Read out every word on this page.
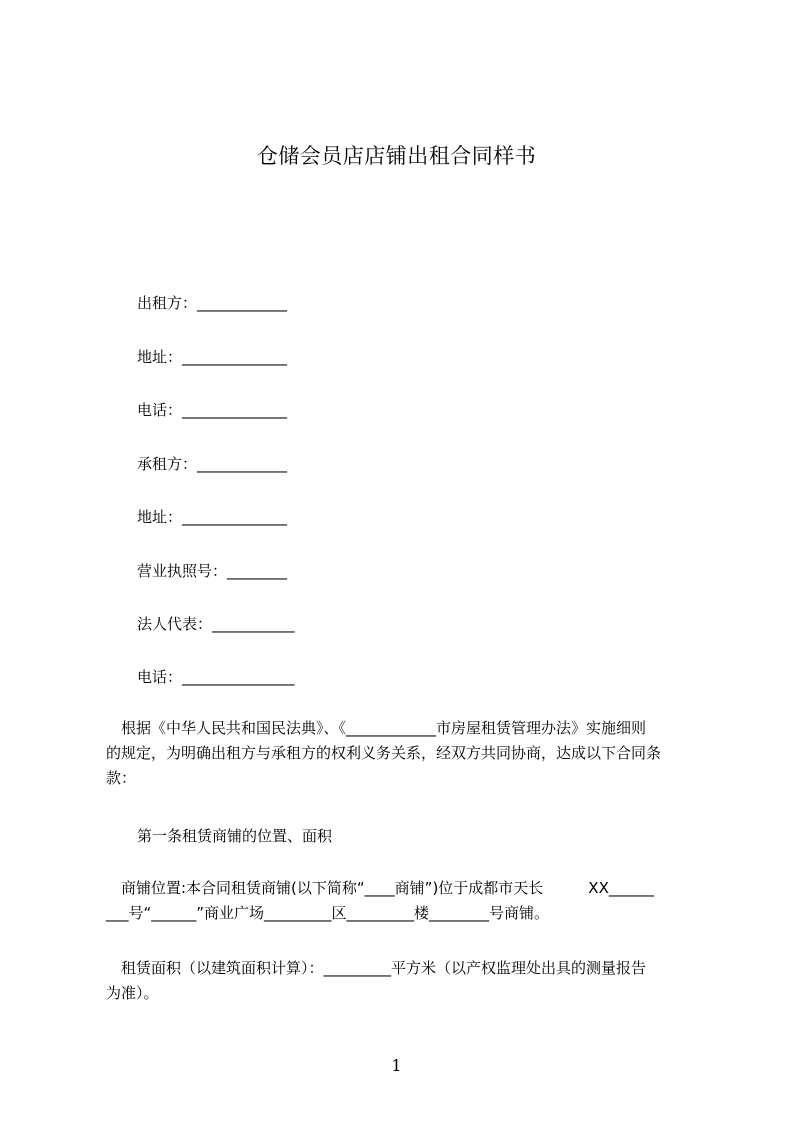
仓储会员店店铺出租合同样书
出租方：____________
地址：______________
电话：______________
承租方：____________
地址：______________
营业执照号：________
法人代表：___________
电话：_______________
　根据《中华人民共和国民法典》、《____________市房屋租赁管理办法》实施细则
的规定，为明确出租方与承租方的权利义务关系，经双方共同协商，达成以下合同条
款：
第一条租赁商铺的位置、面积
　商铺位置:本合同租赁商铺(以下简称“____商铺”)位于成都市天长　　　XX______
___号“______”商业广场_________区_________楼________号商铺。
　租赁面积（以建筑面积计算）：_________平方米（以产权监理处出具的测量报告
为准）。
1
